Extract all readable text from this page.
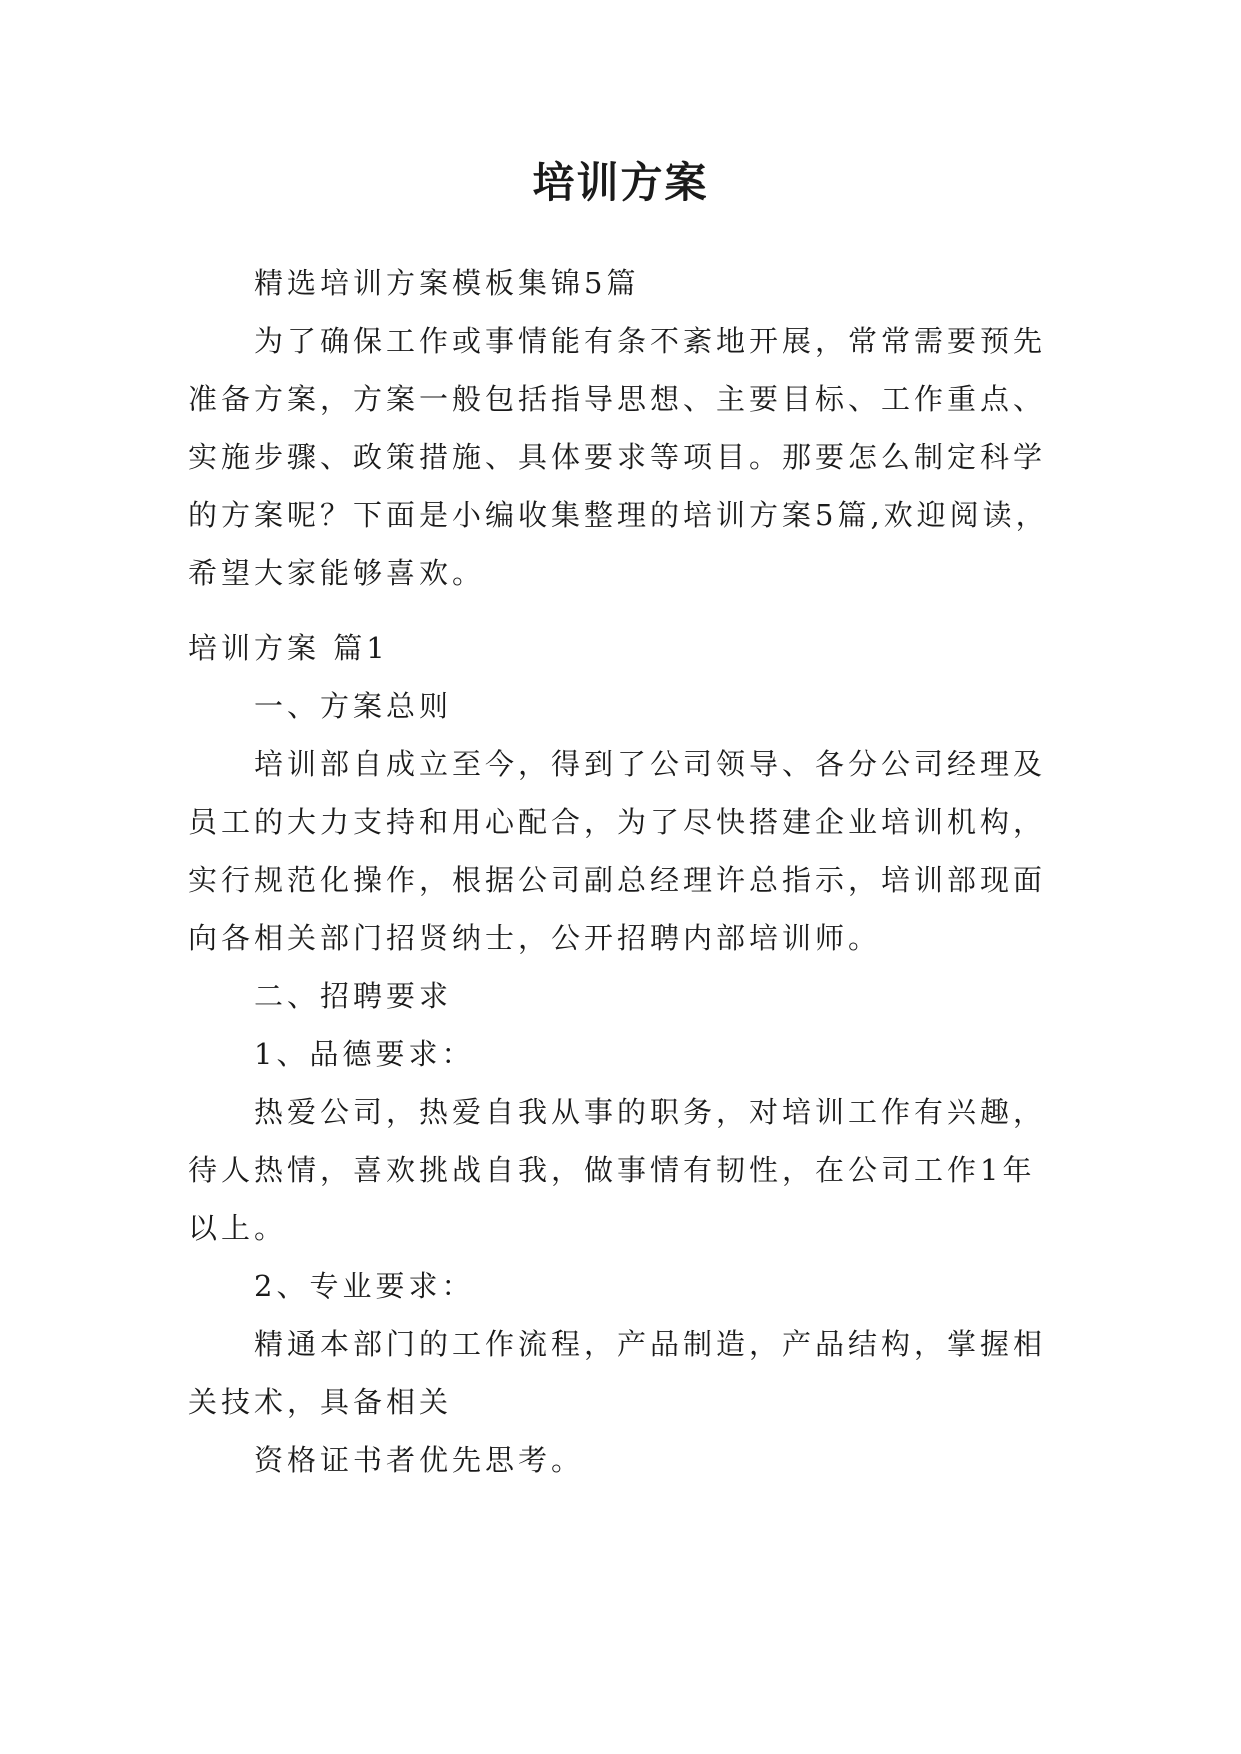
培训方案
精选培训方案模板集锦5篇
为了确保工作或事情能有条不紊地开展，常常需要预先
准备方案，方案一般包括指导思想、主要目标、工作重点、
实施步骤、政策措施、具体要求等项目。那要怎么制定科学
的方案呢？下面是小编收集整理的培训方案5篇,欢迎阅读，
希望大家能够喜欢。
培训方案 篇1
一、方案总则
培训部自成立至今，得到了公司领导、各分公司经理及
员工的大力支持和用心配合，为了尽快搭建企业培训机构，
实行规范化操作，根据公司副总经理许总指示，培训部现面
向各相关部门招贤纳士，公开招聘内部培训师。
二、招聘要求
1、品德要求：
热爱公司，热爱自我从事的职务，对培训工作有兴趣，
待人热情，喜欢挑战自我，做事情有韧性，在公司工作1年
以上。
2、专业要求：
精通本部门的工作流程，产品制造，产品结构，掌握相
关技术，具备相关
资格证书者优先思考。
